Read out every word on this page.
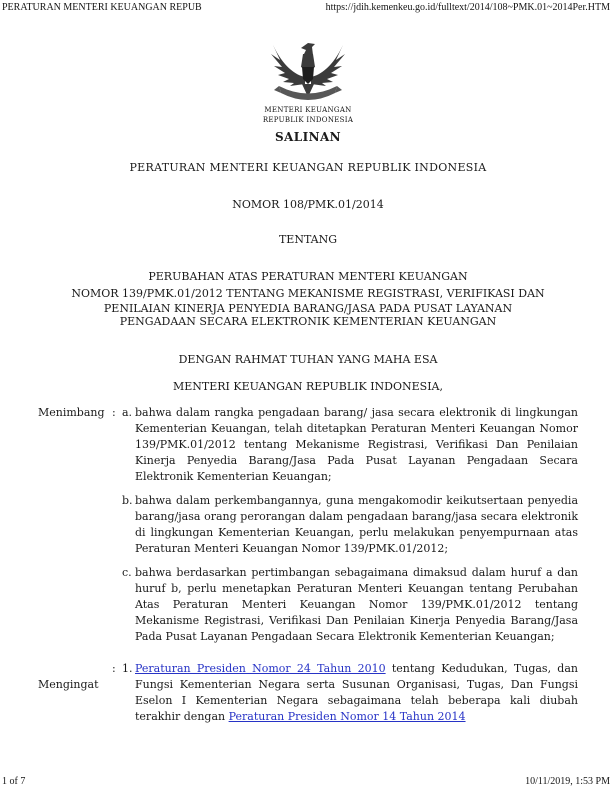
PERATURAN MENTERI KEUANGAN REPUB	https://jdih.kemenkeu.go.id/fulltext/2014/108~PMK.01~2014Per.HTM
MENTERI KEUANGAN
REPUBLIK INDONESIA
SALINAN
PERATURAN MENTERI KEUANGAN REPUBLIK INDONESIA
NOMOR 108/PMK.01/2014
TENTANG
PERUBAHAN ATAS PERATURAN MENTERI KEUANGAN
NOMOR 139/PMK.01/2012 TENTANG MEKANISME REGISTRASI, VERIFIKASI DAN
PENILAIAN KINERJA PENYEDIA BARANG/JASA PADA PUSAT LAYANAN
PENGADAAN SECARA ELEKTRONIK KEMENTERIAN KEUANGAN
DENGAN RAHMAT TUHAN YANG MAHA ESA
MENTERI KEUANGAN REPUBLIK INDONESIA,
Menimbang : a. bahwa dalam rangka pengadaan barang/ jasa secara elektronik di lingkungan Kementerian Keuangan, telah ditetapkan Peraturan Menteri Keuangan Nomor 139/PMK.01/2012 tentang Mekanisme Registrasi, Verifikasi Dan Penilaian Kinerja Penyedia Barang/Jasa Pada Pusat Layanan Pengadaan Secara Elektronik Kementerian Keuangan;
b. bahwa dalam perkembangannya, guna mengakomodir keikutsertaan penyedia barang/jasa orang perorangan dalam pengadaan barang/jasa secara elektronik di lingkungan Kementerian Keuangan, perlu melakukan penyempurnaan atas Peraturan Menteri Keuangan Nomor 139/PMK.01/2012;
c. bahwa berdasarkan pertimbangan sebagaimana dimaksud dalam huruf a dan huruf b, perlu menetapkan Peraturan Menteri Keuangan tentang Perubahan Atas Peraturan Menteri Keuangan Nomor 139/PMK.01/2012 tentang Mekanisme Registrasi, Verifikasi Dan Penilaian Kinerja Penyedia Barang/Jasa Pada Pusat Layanan Pengadaan Secara Elektronik Kementerian Keuangan;
Mengingat
: 1. Peraturan Presiden Nomor 24 Tahun 2010 tentang Kedudukan, Tugas, dan Fungsi Kementerian Negara serta Susunan Organisasi, Tugas, Dan Fungsi Eselon I Kementerian Negara sebagaimana telah beberapa kali diubah terakhir dengan Peraturan Presiden Nomor 14 Tahun 2014
1 of 7	10/11/2019, 1:53 PM
